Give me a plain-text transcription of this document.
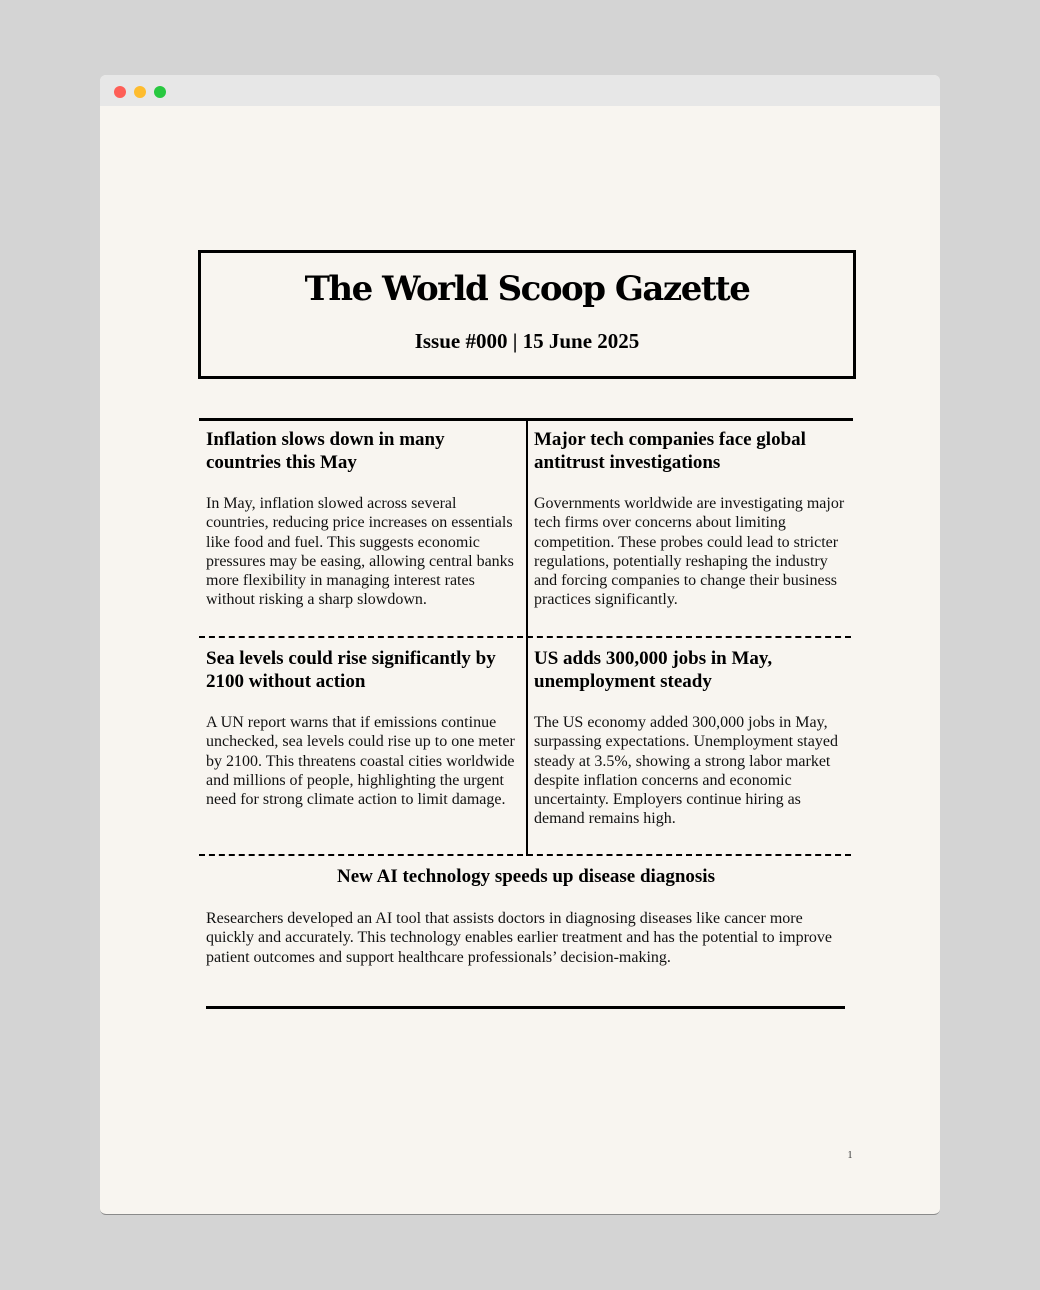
The World Scoop Gazette
Issue #000 | 15 June 2025
Inflation slows down in many countries this May
In May, inflation slowed across several countries, reducing price increases on essentials like food and fuel. This suggests economic pressures may be easing, allowing central banks more flexibility in managing interest rates without risking a sharp slowdown.
Major tech companies face global antitrust investigations
Governments worldwide are investigating major tech firms over concerns about limiting competition. These probes could lead to stricter regulations, potentially reshaping the industry and forcing companies to change their business practices significantly.
Sea levels could rise significantly by 2100 without action
A UN report warns that if emissions continue unchecked, sea levels could rise up to one meter by 2100. This threatens coastal cities worldwide and millions of people, highlighting the urgent need for strong climate action to limit damage.
US adds 300,000 jobs in May, unemployment steady
The US economy added 300,000 jobs in May, surpassing expectations. Unemployment stayed steady at 3.5%, showing a strong labor market despite inflation concerns and economic uncertainty. Employers continue hiring as demand remains high.
New AI technology speeds up disease diagnosis
Researchers developed an AI tool that assists doctors in diagnosing diseases like cancer more quickly and accurately. This technology enables earlier treatment and has the potential to improve patient outcomes and support healthcare professionals’ decision-making.
1
